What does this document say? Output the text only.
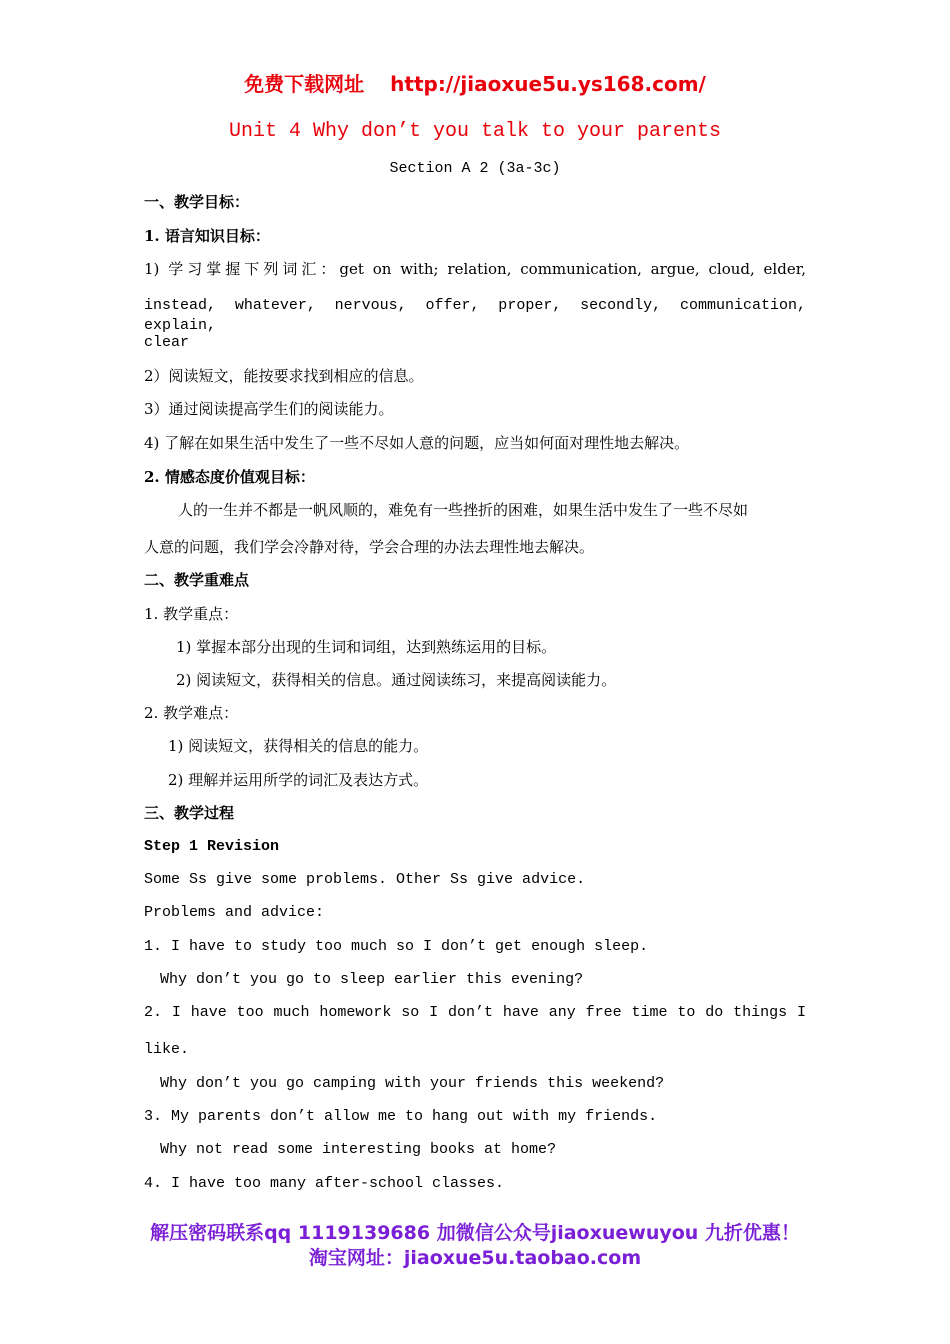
免费下载网址 http://jiaoxue5u.ys168.com/
Unit 4 Why don’t you talk to your parents
Section A 2 (3a-3c)
一、教学目标：
1. 语言知识目标：
1) 学习掌握下列词汇：get on with; relation, communication, argue, cloud, elder,
instead, whatever, nervous, offer, proper, secondly, communication, explain,
clear
2）阅读短文，能按要求找到相应的信息。
3）通过阅读提高学生们的阅读能力。
4) 了解在如果生活中发生了一些不尽如人意的问题，应当如何面对理性地去解决。
2. 情感态度价值观目标：
人的一生并不都是一帆风顺的，难免有一些挫折的困难，如果生活中发生了一些不尽如
人意的问题，我们学会冷静对待，学会合理的办法去理性地去解决。
二、教学重难点
1. 教学重点：
1) 掌握本部分出现的生词和词组，达到熟练运用的目标。
2) 阅读短文，获得相关的信息。通过阅读练习，来提高阅读能力。
2. 教学难点：
1) 阅读短文，获得相关的信息的能力。
2) 理解并运用所学的词汇及表达方式。
三、教学过程
Step 1 Revision
Some Ss give some problems. Other Ss give advice.
Problems and advice:
1. I have to study too much so I don’t get enough sleep.
Why don’t you go to sleep earlier this evening?
2. I have too much homework so I don’t have any free time to do things I
like.
Why don’t you go camping with your friends this weekend?
3. My parents don’t allow me to hang out with my friends.
Why not read some interesting books at home?
4. I have too many after-school classes.
解压密码联系qq 1119139686 加微信公众号jiaoxuewuyou 九折优惠！
淘宝网址：jiaoxue5u.taobao.com
